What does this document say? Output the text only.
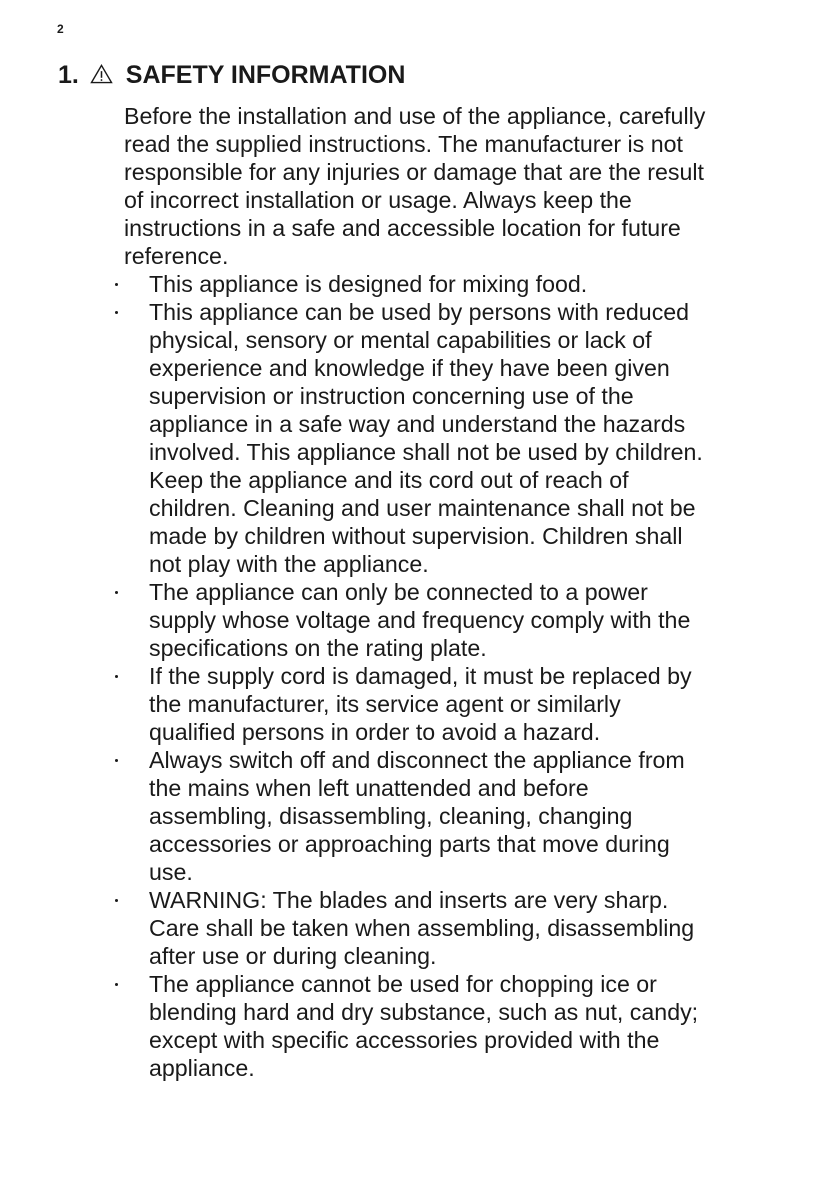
2
1. SAFETY INFORMATION

Before the installation and use of the appliance, carefully
read the supplied instructions. The manufacturer is not
responsible for any injuries or damage that are the result
of incorrect installation or usage. Always keep the
instructions in a safe and accessible location for future
reference.

This appliance is designed for mixing food.
This appliance can be used by persons with reduced
physical, sensory or mental capabilities or lack of
experience and knowledge if they have been given
supervision or instruction concerning use of the
appliance in a safe way and understand the hazards
involved. This appliance shall not be used by children.
Keep the appliance and its cord out of reach of
children. Cleaning and user maintenance shall not be
made by children without supervision. Children shall
not play with the appliance.
The appliance can only be connected to a power
supply whose voltage and frequency comply with the
specifications on the rating plate.
If the supply cord is damaged, it must be replaced by
the manufacturer, its service agent or similarly
qualified persons in order to avoid a hazard.
Always switch off and disconnect the appliance from
the mains when left unattended and before
assembling, disassembling, cleaning, changing
accessories or approaching parts that move during
use.
WARNING: The blades and inserts are very sharp.
Care shall be taken when assembling, disassembling
after use or during cleaning.
The appliance cannot be used for chopping ice or
blending hard and dry substance, such as nut, candy;
except with specific accessories provided with the
appliance.
